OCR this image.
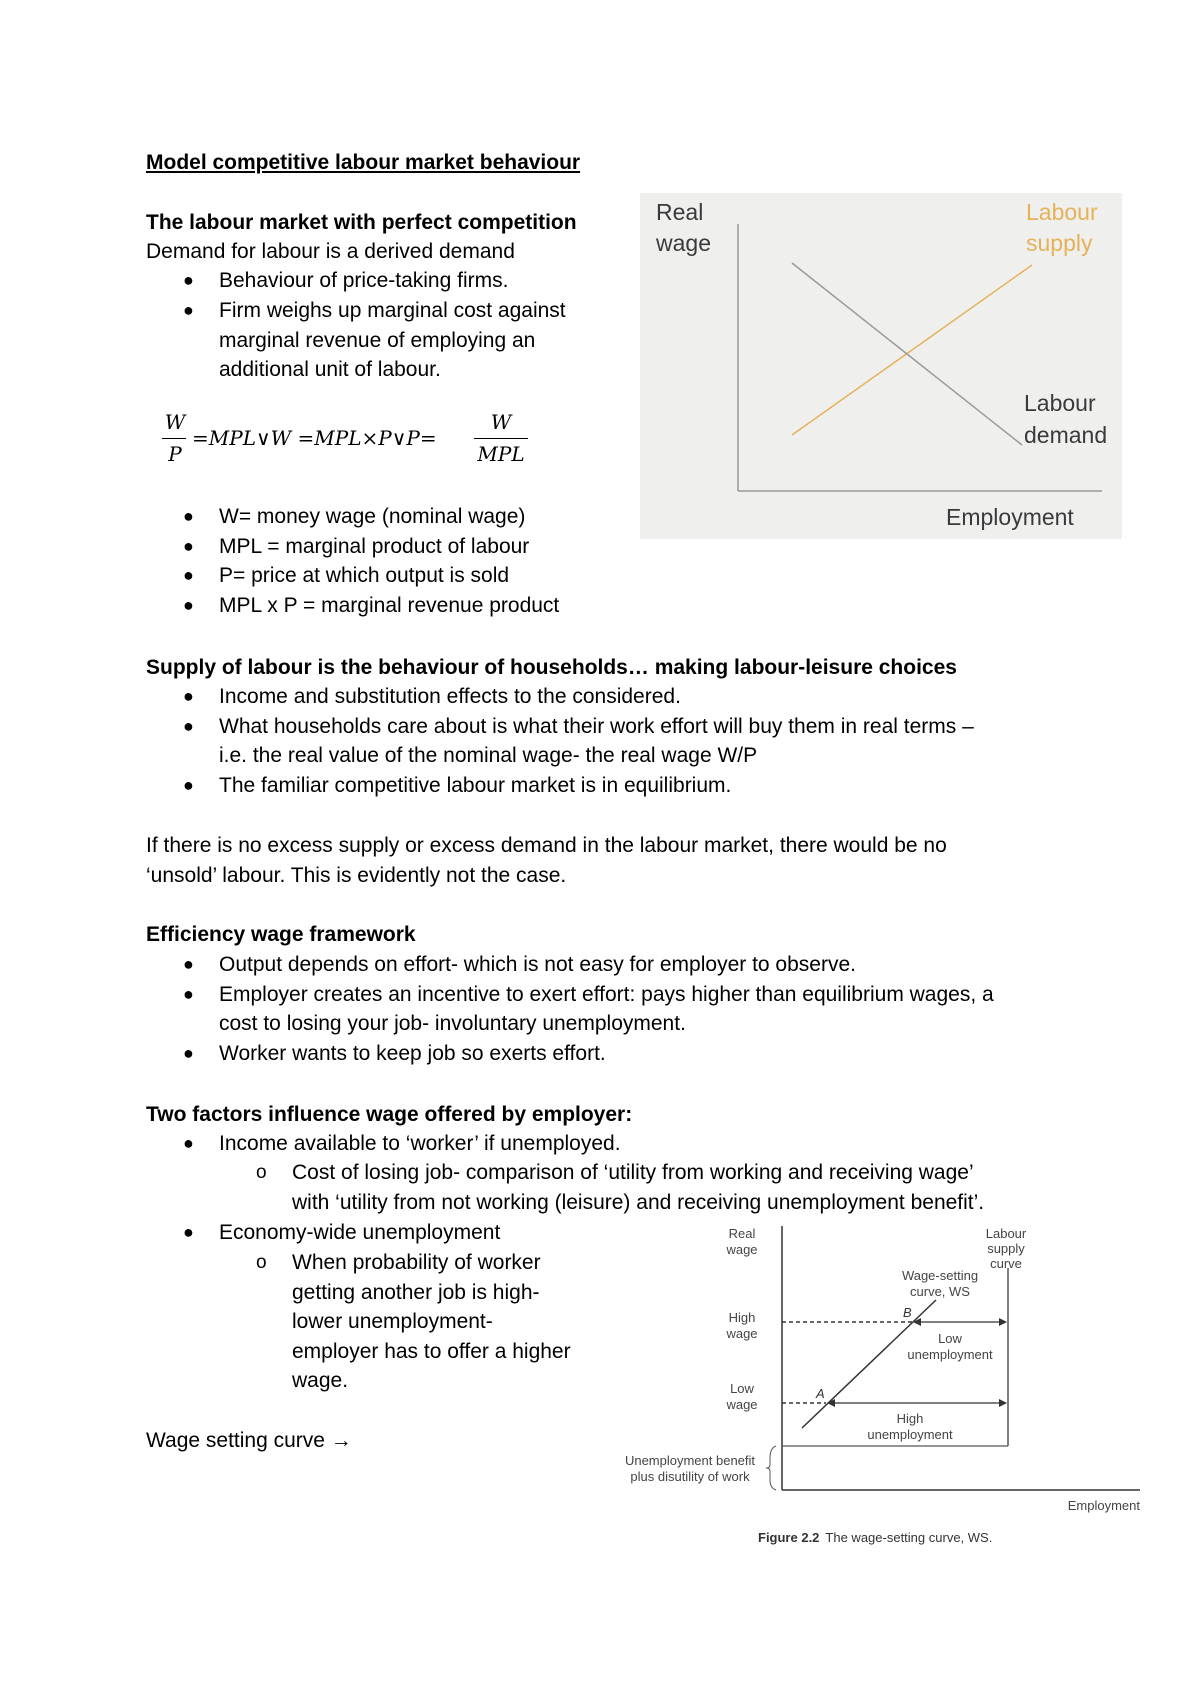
Model competitive labour market behaviour
The labour market with perfect competition
Demand for labour is a derived demand
● Behaviour of price-taking firms.
● Firm weighs up marginal cost against
marginal revenue of employing an
additional unit of labour.
W
P
=MPL∨W =MPL×P∨P=
W
MPL
● W= money wage (nominal wage)
● MPL = marginal product of labour
● P= price at which output is sold
● MPL x P = marginal revenue product
Real
wage
Labour
supply
Labour
demand
Employment
Supply of labour is the behaviour of households… making labour-leisure choices
● Income and substitution effects to the considered.
● What households care about is what their work effort will buy them in real terms –
i.e. the real value of the nominal wage- the real wage W/P
● The familiar competitive labour market is in equilibrium.
If there is no excess supply or excess demand in the labour market, there would be no
‘unsold’ labour. This is evidently not the case.
Efficiency wage framework
● Output depends on effort- which is not easy for employer to observe.
● Employer creates an incentive to exert effort: pays higher than equilibrium wages, a
cost to losing your job- involuntary unemployment.
● Worker wants to keep job so exerts effort.
Two factors influence wage offered by employer:
● Income available to ‘worker’ if unemployed.
o Cost of losing job- comparison of ‘utility from working and receiving wage’
with ‘utility from not working (leisure) and receiving unemployment benefit’.
● Economy-wide unemployment
o When probability of worker
getting another job is high-
lower unemployment-
employer has to offer a higher
wage.
Wage setting curve →
A
B
Real
wage
High
wage
Low
wage
Labour
supply
curve
Wage-setting
curve, WS
Low
unemployment
High
unemployment
Unemployment benefit
plus disutility of work
Employment
Figure 2.2 The wage-setting curve, WS.
